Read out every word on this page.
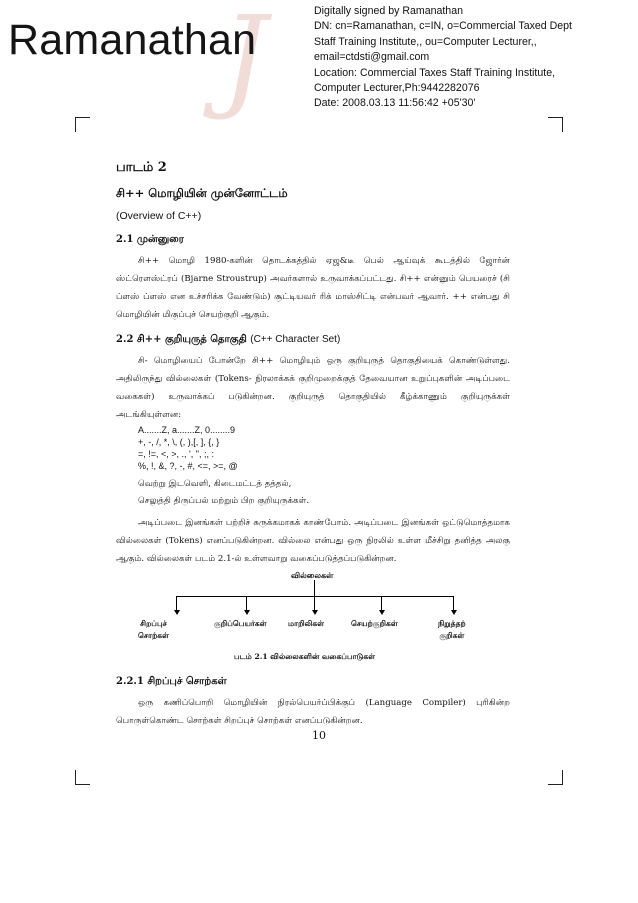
J
Ramanathan
Digitally signed by Ramanathan
DN: cn=Ramanathan, c=IN, o=Commercial Taxed Dept
Staff Training Institute,, ou=Computer Lecturer,,
email=ctdsti@gmail.com
Location: Commercial Taxes Staff Training Institute,
Computer Lecturer,Ph:9442282076
Date: 2008.03.13 11:56:42 +05'30'
பாடம் 2
சி++ மொழியின் முன்னோட்டம்
(Overview of C++)
2.1 முன்னுரை

சி++ மொழி 1980-களின் தொடக்கத்தில் ஏஜ&டீ பெல் ஆய்வுக் கூடத்தில் ஜோர்ன் ஸ்ட்ரௌஸ்ட்ரப் (Bjarne Stroustrup) அவர்களால் உருவாக்கப்பட்டது. சி++ என்னும் பெயரைச் (சி ப்ளஸ் ப்ளஸ் என உச்சரிக்க வேண்டும்) சூட்டியவர் ரிக் மாஸ்சிட்டி என்பவர் ஆவார். ++ என்பது சி மொழியின் மிகுப்புச் செயற்குறி ஆகும்.

2.2 சி++ குறியுருத் தொகுதி (C++ Character Set)

சி- மொழியைப் போன்றே சி++ மொழியும் ஒரு குறியுருத் தொகுதியைக் கொண்டுள்ளது. அதிலிருந்து வில்லைகள் (Tokens- நிரலாக்கக் குறிமுறைக்குத் தேவையான உறுப்புகளின் அடிப்படை வகைகள்) உருவாக்கப் படுகின்றன. குறியுருத் தொகுதியில் கீழ்க்காணும் குறியுருக்கள் அடங்கியுள்ளன:

A.......Z, a.......Z, 0........9
+, -, /, *, \, (, ),[, ], {, }
=, !=, <, >, ., ', ", ;, :
%, !, &, ?, -, #, <=, >=, @
வெற்று இடவெளி, கிடைமட்டத் தத்தல்,
செலுத்தி திருப்பல் மற்றும் பிற குறியுருக்கள்.

அடிப்படை இனங்கள் பற்றிச் சுருக்கமாகக் காண்போம். அடிப்படை இனங்கள் ஒட்டுமொத்தமாக வில்லைகள் (Tokens) எனப்படுகின்றன. வில்லை என்பது ஒரு நிரலில் உள்ள மீச்சிறு தனித்த அலகு ஆகும். வில்லைகள் படம் 2.1-ல் உள்ளவாறு வகைப்படுத்தப்படுகின்றன.

வில்லைகள்
சிறப்புச்
சொற்கள்
குறிப்பெயர்கள்	மாறிலிகள்	செயற்குறிகள்	நிறுத்தற்
குறிகள்
படம் 2.1 வில்லைகளின் வகைப்பாடுகள்
2.2.1 சிறப்புச் சொற்கள்

ஒரு கணிப்பொறி மொழியின் நிரல்பெயர்ப்பிக்குப் (Language Compiler) புரிகின்ற பொருள்கொண்ட சொற்கள் சிறப்புச் சொற்கள் எனப்படுகின்றன.

10
